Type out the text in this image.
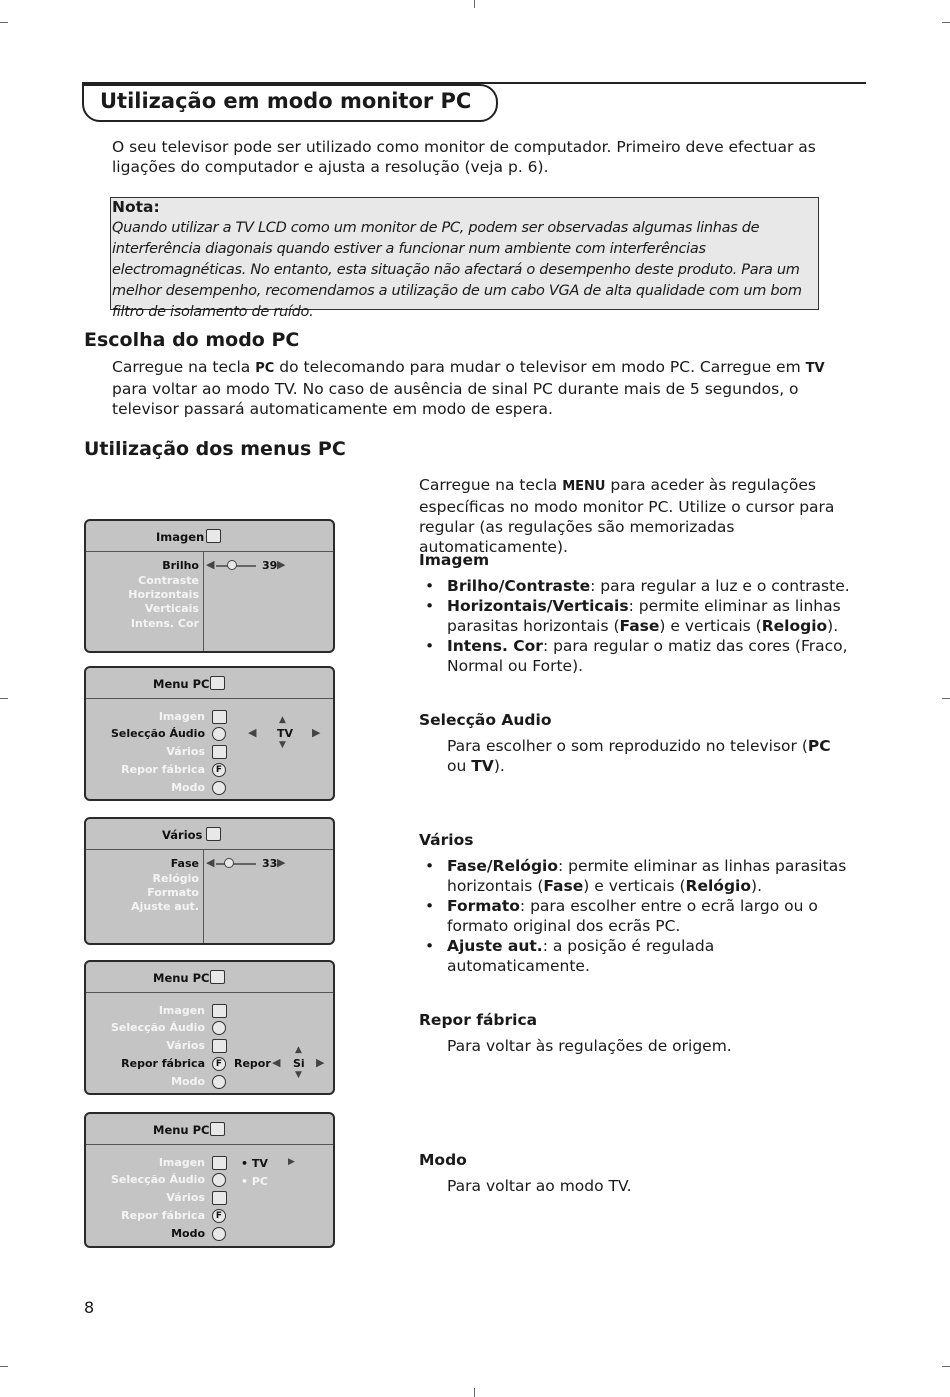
Utilização em modo monitor PC
O seu televisor pode ser utilizado como monitor de computador. Primeiro deve efectuar as ligações do computador e ajusta a resolução (veja p. 6).
Nota:
Quando utilizar a TV LCD como um monitor de PC, podem ser observadas algumas linhas de interferência diagonais quando estiver a funcionar num ambiente com interferências electromagnéticas. No entanto, esta situação não afectará o desempenho deste produto. Para um melhor desempenho, recomendamos a utilização de um cabo VGA de alta qualidade com um bom filtro de isolamento de ruído.
Escolha do modo PC
Carregue na tecla PC do telecomando para mudar o televisor em modo PC. Carregue em TV para voltar ao modo TV. No caso de ausência de sinal PC durante mais de 5 segundos, o televisor passará automaticamente em modo de espera.
Utilização dos menus PC
Carregue na tecla MENU para aceder às regulações específicas no modo monitor PC. Utilize o cursor para regular (as regulações são memorizadas automaticamente).
Imagem
• Brilho/Contraste: para regular a luz e o contraste.
• Horizontais/Verticais: permite eliminar as linhas parasitas horizontais (Fase) e verticais (Relogio).
• Intens. Cor: para regular o matiz das cores (Fraco, Normal ou Forte).
Selecção Audio
Para escolher o som reproduzido no televisor (PC ou TV).
Vários
• Fase/Relógio: permite eliminar as linhas parasitas horizontais (Fase) e verticais (Relógio).
• Formato: para escolher entre o ecrã largo ou o formato original dos ecrãs PC.
• Ajuste aut.: a posição é regulada automaticamente.
Repor fábrica
Para voltar às regulações de origem.
Modo
Para voltar ao modo TV.
Imagen
Brilho
Contraste
Horizontais
Verticais
Intens. Cor
◀	39 ▶
Menu PC
Imagen
Selecção Áudio
Vários
Repor fábrica
Modo
F
◀
▲
TV
▼
▶
Vários
Fase
Relógio
Formato
Ajuste aut.
◀	33 ▶
Menu PC
Imagen
Selecção Áudio
Vários
Repor fábrica
Modo
F	Repor ◀
▲
Si
▼
▶
Menu PC
Imagen
Selecção Áudio
Vários
Repor fábrica
Modo
F
• TV ▶
• PC
8
